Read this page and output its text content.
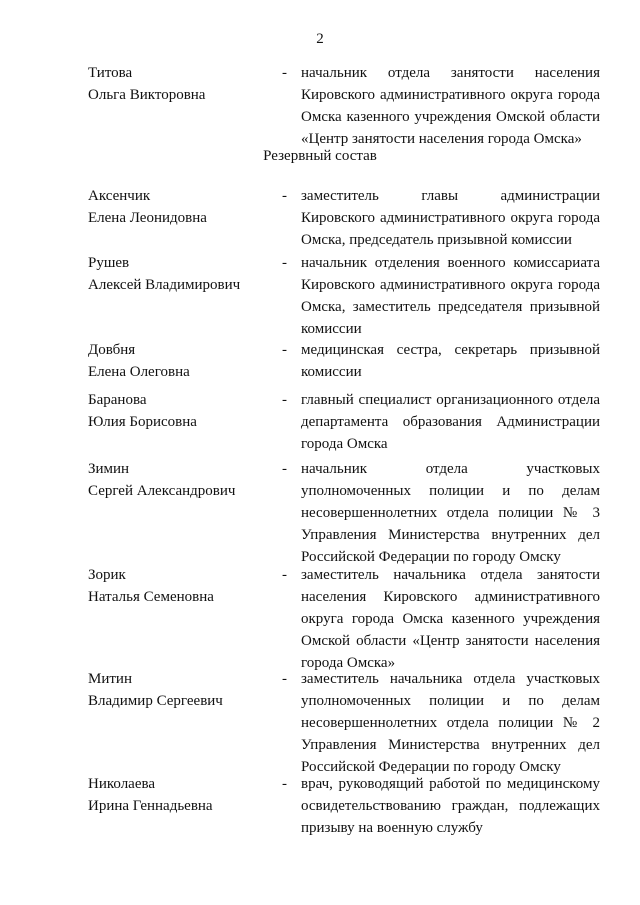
2
Титова
Ольга Викторовна
- начальник отдела занятости населения Кировского административного округа города Омска казенного учреждения Омской области «Центр занятости населения города Омска»
Резервный состав
Аксенчик
Елена Леонидовна
- заместитель главы администрации Кировского административного округа города Омска, председатель призывной комиссии
Рушев
Алексей Владимирович
- начальник отделения военного комиссариата Кировского административного округа города Омска, заместитель председателя призывной комиссии
Довбня
Елена Олеговна
- медицинская сестра, секретарь призывной комиссии
Баранова
Юлия Борисовна
- главный специалист организационного отдела департамента образования Администрации города Омска
Зимин
Сергей Александрович
- начальник отдела участковых уполномоченных полиции и по делам несовершеннолетних отдела полиции № 3 Управления Министерства внутренних дел Российской Федерации по городу Омску
Зорик
Наталья Семеновна
- заместитель начальника отдела занятости населения Кировского административного округа города Омска казенного учреждения Омской области «Центр занятости населения города Омска»
Митин
Владимир Сергеевич
- заместитель начальника отдела участковых уполномоченных полиции и по делам несовершеннолетних отдела полиции № 2 Управления Министерства внутренних дел Российской Федерации по городу Омску
Николаева
Ирина Геннадьевна
- врач, руководящий работой по медицинскому освидетельствованию граждан, подлежащих призыву на военную службу
